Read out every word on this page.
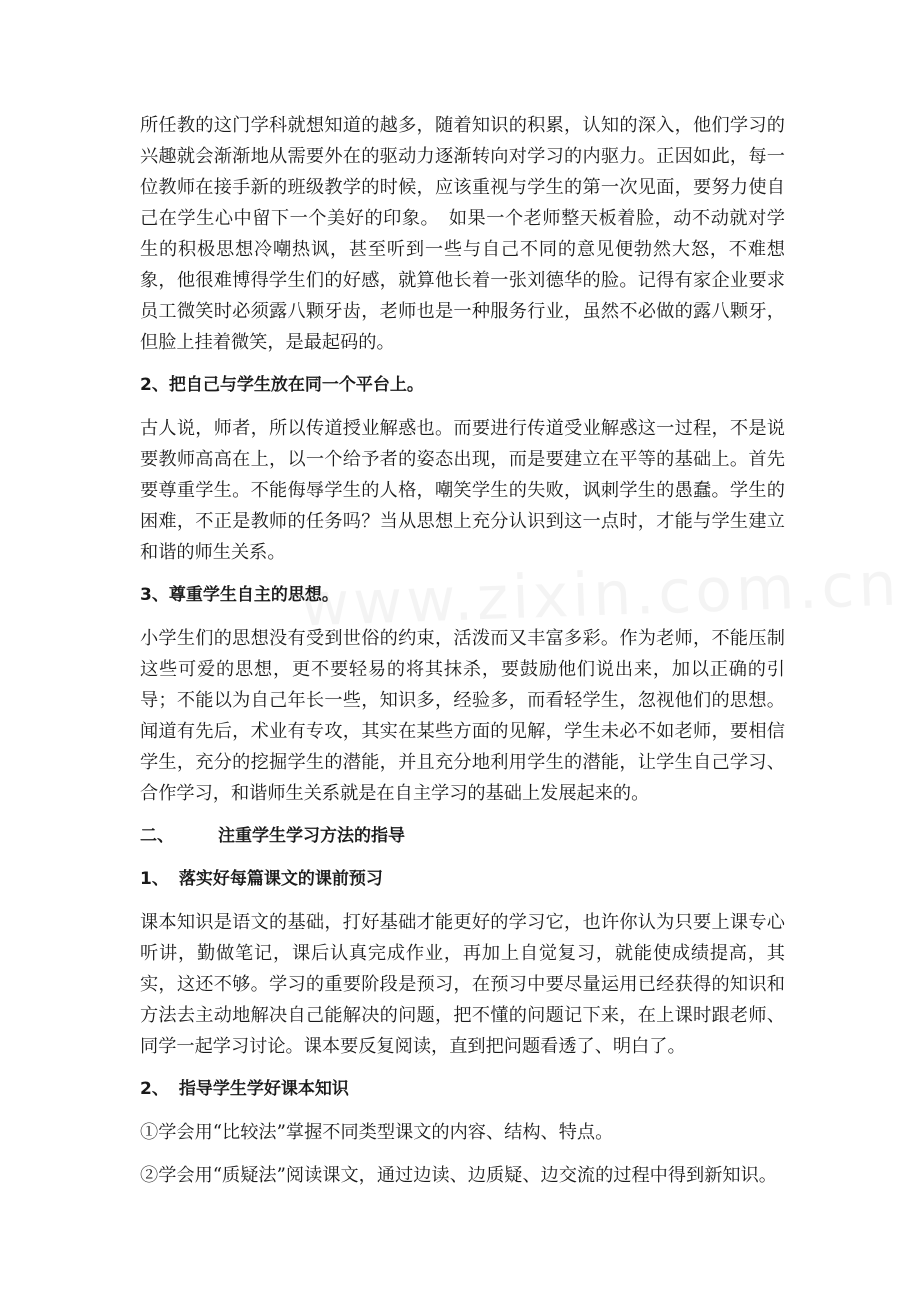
所任教的这门学科就想知道的越多，随着知识的积累，认知的深入，他们学习的兴趣就会渐渐地从需要外在的驱动力逐渐转向对学习的内驱力。正因如此，每一位教师在接手新的班级教学的时候，应该重视与学生的第一次见面，要努力使自己在学生心中留下一个美好的印象。　如果一个老师整天板着脸，动不动就对学生的积极思想冷嘲热讽，甚至听到一些与自己不同的意见便勃然大怒，不难想象，他很难博得学生们的好感，就算他长着一张刘德华的脸。记得有家企业要求员工微笑时必须露八颗牙齿，老师也是一种服务行业，虽然不必做的露八颗牙，但脸上挂着微笑，是最起码的。

2、把自己与学生放在同一个平台上。

古人说，师者，所以传道授业解惑也。而要进行传道受业解惑这一过程，不是说要教师高高在上，以一个给予者的姿态出现，而是要建立在平等的基础上。首先要尊重学生。不能侮辱学生的人格，嘲笑学生的失败，讽刺学生的愚蠢。学生的困难，不正是教师的任务吗？当从思想上充分认识到这一点时，才能与学生建立和谐的师生关系。

3、尊重学生自主的思想。

小学生们的思想没有受到世俗的约束，活泼而又丰富多彩。作为老师，不能压制这些可爱的思想，更不要轻易的将其抹杀，要鼓励他们说出来，加以正确的引导；不能以为自己年长一些，知识多，经验多，而看轻学生，忽视他们的思想。闻道有先后，术业有专攻，其实在某些方面的见解，学生未必不如老师，要相信学生，充分的挖掘学生的潜能，并且充分地利用学生的潜能，让学生自己学习、合作学习，和谐师生关系就是在自主学习的基础上发展起来的。

二、	注重学生学习方法的指导

1、 落实好每篇课文的课前预习

课本知识是语文的基础，打好基础才能更好的学习它，也许你认为只要上课专心听讲，勤做笔记，课后认真完成作业，再加上自觉复习，就能使成绩提高，其实，这还不够。学习的重要阶段是预习，在预习中要尽量运用已经获得的知识和方法去主动地解决自己能解决的问题，把不懂的问题记下来，在上课时跟老师、同学一起学习讨论。课本要反复阅读，直到把问题看透了、明白了。

2、 指导学生学好课本知识

①学会用“比较法”掌握不同类型课文的内容、结构、特点。

②学会用“质疑法”阅读课文，通过边读、边质疑、边交流的过程中得到新知识。
